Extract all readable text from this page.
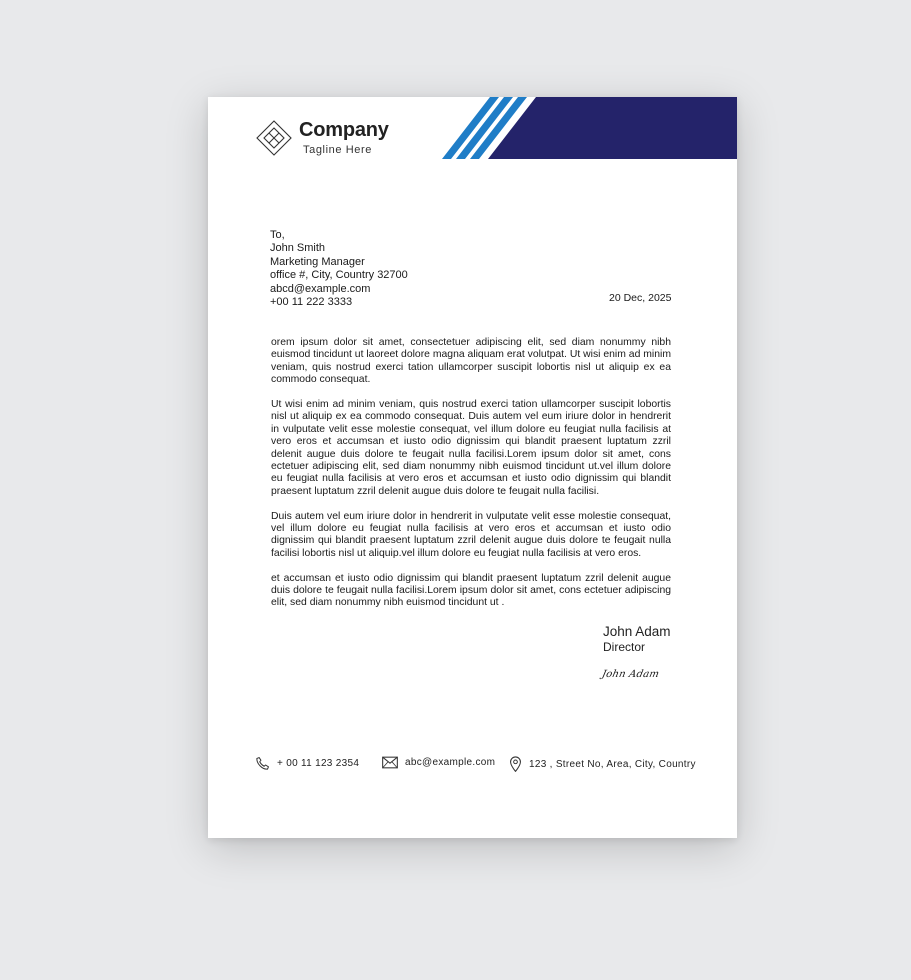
Company
Tagline Here
To,
John Smith
Marketing Manager
office #, City, Country 32700
abcd@example.com
+00 11 222 3333	20 Dec, 2025

orem ipsum dolor sit amet, consectetuer adipiscing elit, sed diam nonummy nibh euismod tincidunt ut laoreet dolore magna aliquam erat volutpat. Ut wisi enim ad minim veniam, quis nostrud exerci tation ullamcorper suscipit lobortis nisl ut aliquip ex ea commodo consequat.

Ut wisi enim ad minim veniam, quis nostrud exerci tation ullamcorper suscipit lobortis nisl ut aliquip ex ea commodo consequat. Duis autem vel eum iriure dolor in hendrerit in vulputate velit esse molestie consequat, vel illum dolore eu feugiat nulla facilisis at vero eros et accumsan et iusto odio dignissim qui blandit praesent luptatum zzril delenit augue duis dolore te feugait nulla facilisi.Lorem ipsum dolor sit amet, cons ectetuer adipiscing elit, sed diam nonummy nibh euismod tincidunt ut.vel illum dolore eu feugiat nulla facilisis at vero eros et accumsan et iusto odio dignissim qui blandit praesent luptatum zzril delenit augue duis dolore te feugait nulla facilisi.

Duis autem vel eum iriure dolor in hendrerit in vulputate velit esse molestie consequat, vel illum dolore eu feugiat nulla facilisis at vero eros et accumsan et iusto odio dignissim qui blandit praesent luptatum zzril delenit augue duis dolore te feugait nulla facilisi lobortis nisl ut aliquip.vel illum dolore eu feugiat nulla facilisis at vero eros.

et accumsan et iusto odio dignissim qui blandit praesent luptatum zzril delenit augue duis dolore te feugait nulla facilisi.Lorem ipsum dolor sit amet, cons ectetuer adipiscing elit, sed diam nonummy nibh euismod tincidunt ut .

John Adam
Director
John Adam
+ 00 11 123 2354	abc@example.com	123 , Street No, Area, City, Country
